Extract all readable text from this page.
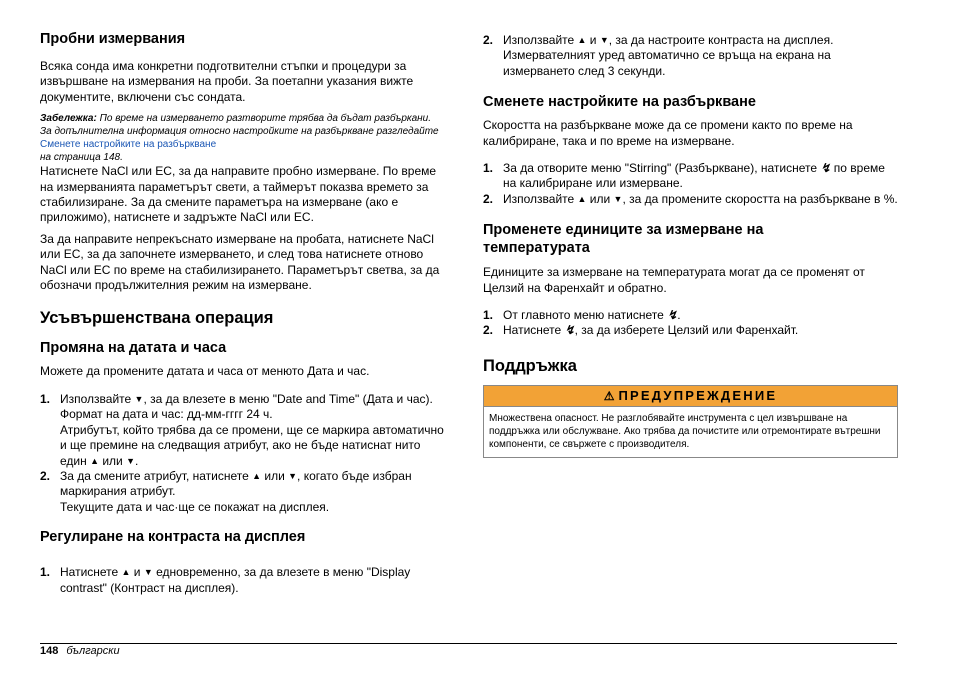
Пробни измервания

Всяка сонда има конкретни подготвителни стъпки и процедури за извършване на измервания на проби. За поетапни указания вижте документите, включени със сондата.

Забележка: По време на измерването разтворите трябва да бъдат разбъркани. За допълнителна информация относно настройките на разбъркване разгледайте Сменете настройките на разбъркване
на страница 148.

Натиснете NaCl или EC, за да направите пробно измерване. По време на измерванията параметърът свети, а таймерът показва времето за стабилизиране. За да смените параметъра на измерване (ако е приложимо), натиснете и задръжте NaCl или EC.

За да направите непрекъснато измерване на пробата, натиснете NaCl или EC, за да започнете измерването, и след това натиснете отново NaCl или EC по време на стабилизирането. Параметърът светва, за да обозначи продължителния режим на измерване.

Усъвършенствана операция
Промяна на датата и часа

Можете да промените датата и часа от менюто Дата и час.

1. Използвайте ▼, за да влезете в меню "Date and Time" (Дата и час). Формат на дата и час: дд-мм-гггг 24 ч.
Атрибутът, който трябва да се промени, ще се маркира автоматично и ще премине на следващия атрибут, ако не бъде натиснат нито един ▲ или ▼.
2. За да смените атрибут, натиснете ▲ или ▼, когато бъде избран маркирания атрибут.
Текущите дата и час·ще се покажат на дисплея.
Регулиране на контраста на дисплея
1. Натиснете ▲ и ▼ едновременно, за да влезете в меню "Display contrast" (Контраст на дисплея).
2. Използвайте ▲ и ▼, за да настроите контраста на дисплея. Измервателният уред автоматично се връща на екрана на измерването след 3 секунди.
Сменете настройките на разбъркване

Скоростта на разбъркване може да се промени както по време на калибриране, така и по време на измерване.

1. За да отворите меню "Stirring" (Разбъркване), натиснете ↯ по време на калибриране или измерване.
2. Използвайте ▲ или ▼, за да промените скоростта на разбъркване в %.
Променете единиците за измерване на температурата

Единиците за измерване на температурата могат да се променят от Целзий на Фаренхайт и обратно.

1. От главното меню натиснете ↯.
2. Натиснете ↯, за да изберете Целзий или Фаренхайт.
Поддръжка
⚠ ПРЕДУПРЕЖДЕНИЕ
Множествена опасност. Не разглобявайте инструмента с цел извършване на поддръжка или обслужване. Ако трябва да почистите или отремонтирате вътрешни компоненти, се свържете с производителя.
148 български
